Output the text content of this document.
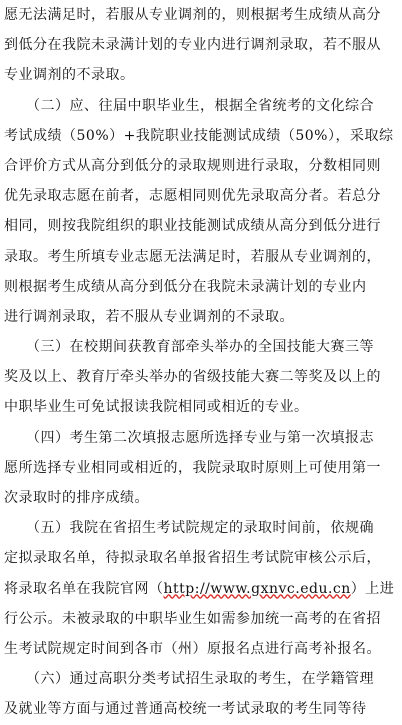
愿无法满足时，若服从专业调剂的，则根据考生成绩从高分
到低分在我院未录满计划的专业内进行调剂录取，若不服从
专业调剂的不录取。
　　（二）应、往届中职毕业生，根据全省统考的文化综合
考试成绩（50%）+我院职业技能测试成绩（50%），采取综
合评价方式从高分到低分的录取规则进行录取，分数相同则
优先录取志愿在前者，志愿相同则优先录取高分者。若总分
相同，则按我院组织的职业技能测试成绩从高分到低分进行
录取。考生所填专业志愿无法满足时，若服从专业调剂的，
则根据考生成绩从高分到低分在我院未录满计划的专业内
进行调剂录取，若不服从专业调剂的不录取。
　　（三）在校期间获教育部牵头举办的全国技能大赛三等
奖及以上、教育厅牵头举办的省级技能大赛二等奖及以上的
中职毕业生可免试报读我院相同或相近的专业。
　　（四）考生第二次填报志愿所选择专业与第一次填报志
愿所选择专业相同或相近的，我院录取时原则上可使用第一
次录取时的排序成绩。
　　（五）我院在省招生考试院规定的录取时间前，依规确
定拟录取名单，待拟录取名单报省招生考试院审核公示后，
将录取名单在我院官网（http://www.gxnvc.edu.cn）上进
行公示。未被录取的中职毕业生如需参加统一高考的在省招
生考试院规定时间到各市（州）原报名点进行高考补报名。
　　（六）通过高职分类考试招生录取的考生，在学籍管理
及就业等方面与通过普通高校统一考试录取的考生同等待
